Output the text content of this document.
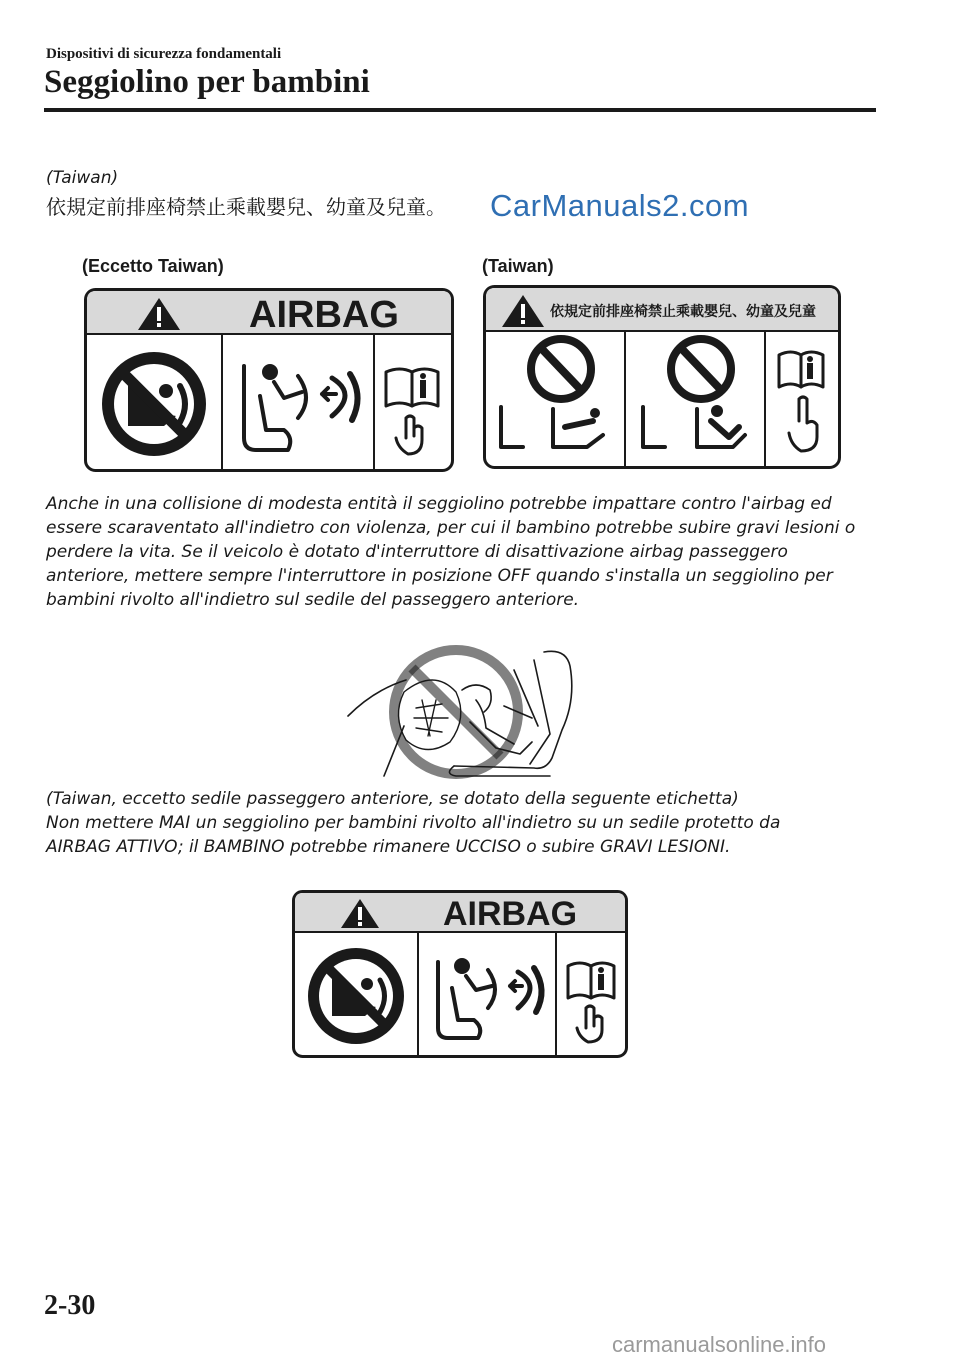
Dispositivi di sicurezza fondamentali
Seggiolino per bambini
(Taiwan)
依規定前排座椅禁止乘載嬰兒、幼童及兒童。 CarManuals2.com
(Eccetto Taiwan)	(Taiwan)
AIRBAG	依規定前排座椅禁止乘載嬰兒、幼童及兒童
Anche in una collisione di modesta entità il seggiolino potrebbe impattare contro l'airbag ed
essere scaraventato all'indietro con violenza, per cui il bambino potrebbe subire gravi lesioni o
perdere la vita. Se il veicolo è dotato d'interruttore di disattivazione airbag passeggero
anteriore, mettere sempre l'interruttore in posizione OFF quando s'installa un seggiolino per
bambini rivolto all'indietro sul sedile del passeggero anteriore.
(Taiwan, eccetto sedile passeggero anteriore, se dotato della seguente etichetta)
Non mettere MAI un seggiolino per bambini rivolto all'indietro su un sedile protetto da
AIRBAG ATTIVO; il BAMBINO potrebbe rimanere UCCISO o subire GRAVI LESIONI.
AIRBAG
2-30
carmanualsonline.info
